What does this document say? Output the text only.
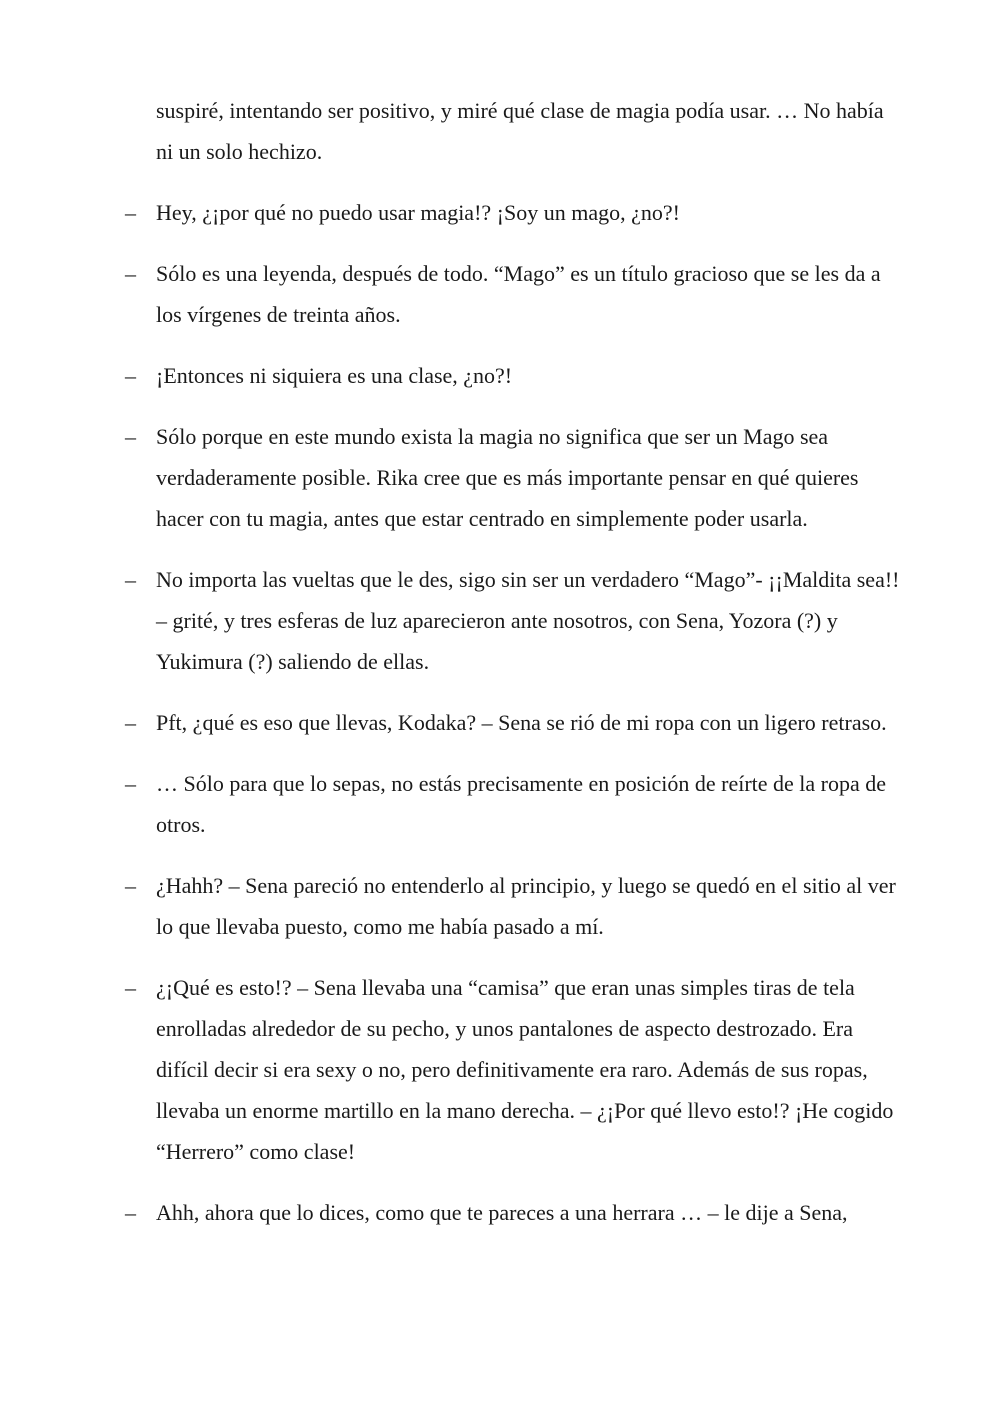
suspiré, intentando ser positivo, y miré qué clase de magia podía usar. … No había ni un solo hechizo.

– Hey, ¿¡por qué no puedo usar magia!? ¡Soy un mago, ¿no?!
– Sólo es una leyenda, después de todo. “Mago” es un título gracioso que se les da a los vírgenes de treinta años.
– ¡Entonces ni siquiera es una clase, ¿no?!
– Sólo porque en este mundo exista la magia no significa que ser un Mago sea verdaderamente posible. Rika cree que es más importante pensar en qué quieres hacer con tu magia, antes que estar centrado en simplemente poder usarla.
– No importa las vueltas que le des, sigo sin ser un verdadero “Mago”- ¡¡Maldita sea!! – grité, y tres esferas de luz aparecieron ante nosotros, con Sena, Yozora (?) y Yukimura (?) saliendo de ellas.
– Pft, ¿qué es eso que llevas, Kodaka? – Sena se rió de mi ropa con un ligero retraso.
– … Sólo para que lo sepas, no estás precisamente en posición de reírte de la ropa de otros.
– ¿Hahh? – Sena pareció no entenderlo al principio, y luego se quedó en el sitio al ver lo que llevaba puesto, como me había pasado a mí.
– ¿¡Qué es esto!? – Sena llevaba una “camisa” que eran unas simples tiras de tela enrolladas alrededor de su pecho, y unos pantalones de aspecto destrozado. Era difícil decir si era sexy o no, pero definitivamente era raro. Además de sus ropas, llevaba un enorme martillo en la mano derecha. – ¿¡Por qué llevo esto!? ¡He cogido “Herrero” como clase!
– Ahh, ahora que lo dices, como que te pareces a una herrara … – le dije a Sena,
